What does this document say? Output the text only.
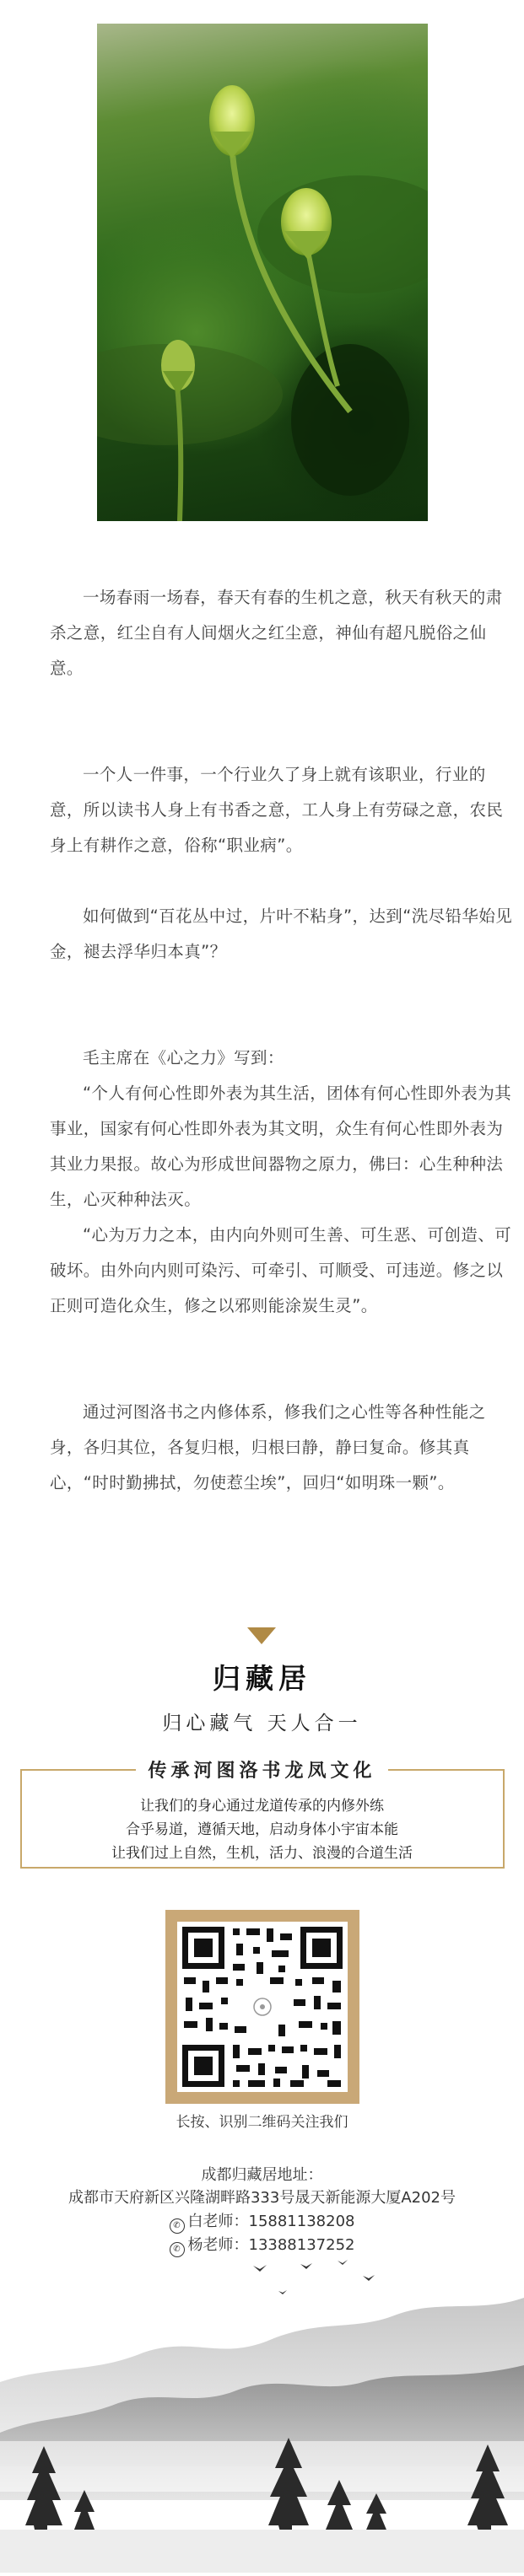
一场春雨一场春，春天有春的生机之意，秋天有秋天的肃杀之意，红尘自有人间烟火之红尘意，神仙有超凡脱俗之仙意。

一个人一件事，一个行业久了身上就有该职业，行业的意，所以读书人身上有书香之意，工人身上有劳碌之意，农民身上有耕作之意，俗称“职业病”。

如何做到“百花丛中过，片叶不粘身”，达到“洗尽铅华始见金，褪去浮华归本真”？

毛主席在《心之力》写到：

“个人有何心性即外表为其生活，团体有何心性即外表为其事业，国家有何心性即外表为其文明，众生有何心性即外表为其业力果报。故心为形成世间器物之原力，佛曰：心生种种法生，心灭种种法灭。

“心为万力之本，由内向外则可生善、可生恶、可创造、可破坏。由外向内则可染污、可牵引、可顺受、可违逆。修之以正则可造化众生，修之以邪则能涂炭生灵”。

通过河图洛书之内修体系，修我们之心性等各种性能之身，各归其位，各复归根，归根曰静，静曰复命。修其真心，“时时勤拂拭，勿使惹尘埃”，回归“如明珠一颗”。

归藏居
归心藏气 天人合一
传承河图洛书龙凤文化
让我们的身心通过龙道传承的内修外练
合乎易道，遵循天地，启动身体小宇宙本能
让我们过上自然，生机，活力、浪漫的合道生活
长按、识别二维码关注我们
成都归藏居地址：
成都市天府新区兴隆湖畔路333号晟天新能源大厦A202号
✆ 白老师：15881138208
✆ 杨老师：13388137252
